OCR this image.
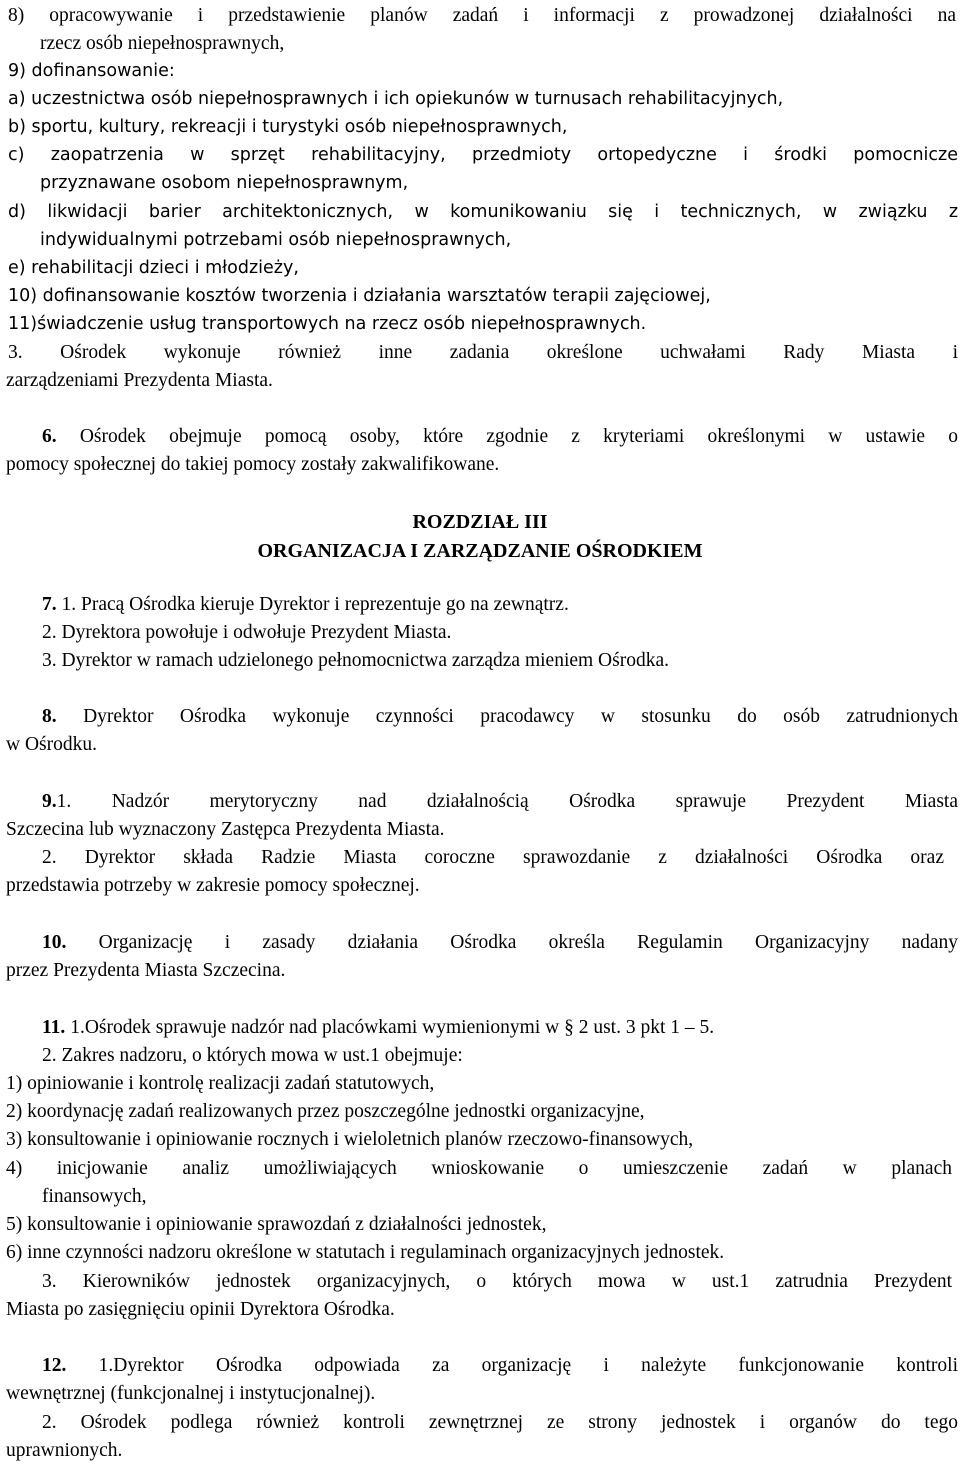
8) opracowywanie i przedstawienie planów zadań i informacji z prowadzonej działalności na
rzecz osób niepełnosprawnych,
9) dofinansowanie:
a) uczestnictwa osób niepełnosprawnych i ich opiekunów w turnusach rehabilitacyjnych,
b) sportu, kultury, rekreacji i turystyki osób niepełnosprawnych,
c) zaopatrzenia w sprzęt rehabilitacyjny, przedmioty ortopedyczne i środki pomocnicze
przyznawane osobom niepełnosprawnym,
d) likwidacji barier architektonicznych, w komunikowaniu się i technicznych, w związku z
indywidualnymi potrzebami osób niepełnosprawnych,
e) rehabilitacji dzieci i młodzieży,
10) dofinansowanie kosztów tworzenia i działania warsztatów terapii zajęciowej,
11)świadczenie usług transportowych na rzecz osób niepełnosprawnych.
3. Ośrodek wykonuje również inne zadania określone uchwałami Rady Miasta i
zarządzeniami Prezydenta Miasta.
6. Ośrodek obejmuje pomocą osoby, które zgodnie z kryteriami określonymi w ustawie o
pomocy społecznej do takiej pomocy zostały zakwalifikowane.
ROZDZIAŁ III
ORGANIZACJA I ZARZĄDZANIE OŚRODKIEM
7. 1. Pracą Ośrodka kieruje Dyrektor i reprezentuje go na zewnątrz.
2. Dyrektora powołuje i odwołuje Prezydent Miasta.
3. Dyrektor w ramach udzielonego pełnomocnictwa zarządza mieniem Ośrodka.
8. Dyrektor Ośrodka wykonuje czynności pracodawcy w stosunku do osób zatrudnionych
w Ośrodku.
9.1. Nadzór merytoryczny nad działalnością Ośrodka sprawuje Prezydent Miasta
Szczecina lub wyznaczony Zastępca Prezydenta Miasta.
2. Dyrektor składa Radzie Miasta coroczne sprawozdanie z działalności Ośrodka oraz
przedstawia potrzeby w zakresie pomocy społecznej.
10. Organizację i zasady działania Ośrodka określa Regulamin Organizacyjny nadany
przez Prezydenta Miasta Szczecina.
11. 1.Ośrodek sprawuje nadzór nad placówkami wymienionymi w § 2 ust. 3 pkt 1 – 5.
2. Zakres nadzoru, o których mowa w ust.1 obejmuje:
1) opiniowanie i kontrolę realizacji zadań statutowych,
2) koordynację zadań realizowanych przez poszczególne jednostki organizacyjne,
3) konsultowanie i opiniowanie rocznych i wieloletnich planów rzeczowo-finansowych,
4) inicjowanie analiz umożliwiających wnioskowanie o umieszczenie zadań w planach
finansowych,
5) konsultowanie i opiniowanie sprawozdań z działalności jednostek,
6) inne czynności nadzoru określone w statutach i regulaminach organizacyjnych jednostek.
3. Kierowników jednostek organizacyjnych, o których mowa w ust.1 zatrudnia Prezydent
Miasta po zasięgnięciu opinii Dyrektora Ośrodka.
12. 1.Dyrektor Ośrodka odpowiada za organizację i należyte funkcjonowanie kontroli
wewnętrznej (funkcjonalnej i instytucjonalnej).
2. Ośrodek podlega również kontroli zewnętrznej ze strony jednostek i organów do tego
uprawnionych.
